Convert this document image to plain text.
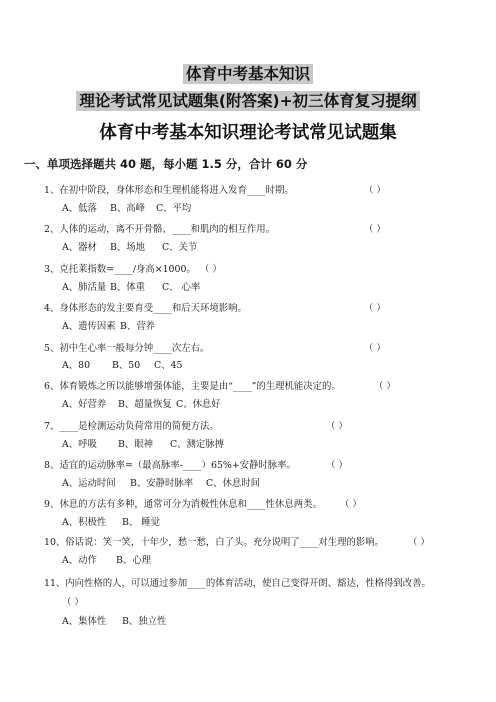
体育中考基本知识
理论考试常见试题集(附答案)+初三体育复习提纲
体育中考基本知识理论考试常见试题集
一、单项选择题共 40 题，每小题 1.5 分，合计 60 分
1、在初中阶段，身体形态和生理机能将进入发育____时期。	（ ）
A、低落 B、高峰 C、平均
2、人体的运动，离不开骨骼、____和肌肉的相互作用。	（ ）
A、器材 B、场地 C、关节
3、克托莱指数=____/身高×1000。 （ ）
A、肺活量 B、体重 C、 心率
4、身体形态的发主要育受____和后天环境影响。	（ ）
A、遗传因素 B、营养
5、初中生心率一般每分钟____次左右。	（ ）
A、80 B、50 C、45
6、体育锻炼之所以能够增强体能，主要是由“____”的生理机能决定的。	（ ）
A、好营养 B、超量恢复 C、休息好
7、____是检测运动负荷常用的简便方法。	（ ）
A、呼吸 B、眼神 C、测定脉搏
8、适宜的运动脉率=（最高脉率-____）65%+安静时脉率。	（ ）
A、运动时间 B、安静时脉率 C、休息时间
9、休息的方法有多种，通常可分为消极性休息和____性休息两类。 （ ）
A、积极性 B、 睡觉
10、俗话说：笑一笑，十年少，愁一愁，白了头。充分说明了____对生理的影响。	（ ）
A、动作 B、心理
11、内向性格的人，可以通过参加____的体育活动，使自己变得开朗、豁达，性格得到改善。
（ ）
A、集体性 B、独立性
